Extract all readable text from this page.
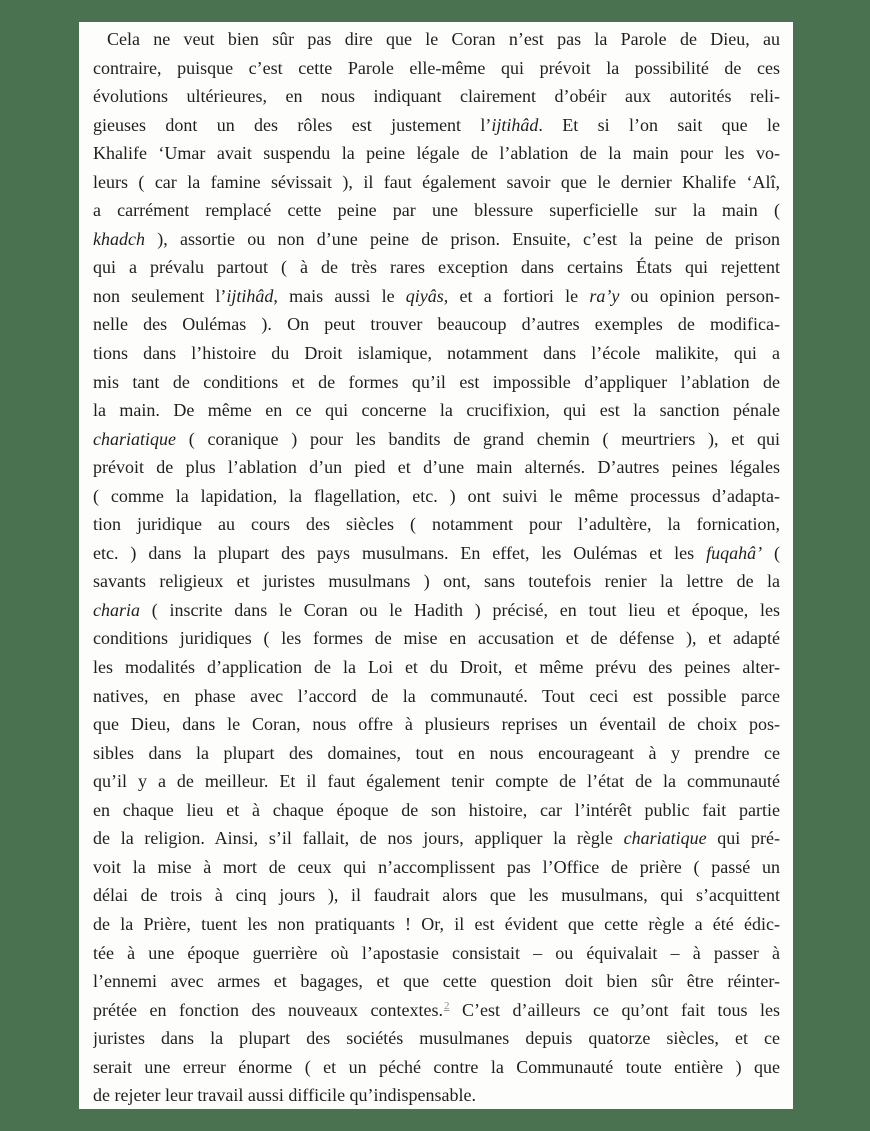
Cela ne veut bien sûr pas dire que le Coran n’est pas la Parole de Dieu, au
contraire, puisque c’est cette Parole elle-même qui prévoit la possibilité de ces
évolutions ultérieures, en nous indiquant clairement d’obéir aux autorités reli-
gieuses dont un des rôles est justement l’ijtihâd. Et si l’on sait que le
Khalife ‘Umar avait suspendu la peine légale de l’ablation de la main pour les vo-
leurs ( car la famine sévissait ), il faut également savoir que le dernier Khalife ‘Alî,
a carrément remplacé cette peine par une blessure superficielle sur la main (
khadch ), assortie ou non d’une peine de prison. Ensuite, c’est la peine de prison
qui a prévalu partout ( à de très rares exception dans certains États qui rejettent
non seulement l’ijtihâd, mais aussi le qiyâs, et a fortiori le ra’y ou opinion person-
nelle des Oulémas ). On peut trouver beaucoup d’autres exemples de modifica-
tions dans l’histoire du Droit islamique, notamment dans l’école malikite, qui a
mis tant de conditions et de formes qu’il est impossible d’appliquer l’ablation de
la main. De même en ce qui concerne la crucifixion, qui est la sanction pénale
chariatique ( coranique ) pour les bandits de grand chemin ( meurtriers ), et qui
prévoit de plus l’ablation d’un pied et d’une main alternés. D’autres peines légales
( comme la lapidation, la flagellation, etc. ) ont suivi le même processus d’adapta-
tion juridique au cours des siècles ( notamment pour l’adultère, la fornication,
etc. ) dans la plupart des pays musulmans. En effet, les Oulémas et les fuqahâ’ (
savants religieux et juristes musulmans ) ont, sans toutefois renier la lettre de la
charia ( inscrite dans le Coran ou le Hadith ) précisé, en tout lieu et époque, les
conditions juridiques ( les formes de mise en accusation et de défense ), et adapté
les modalités d’application de la Loi et du Droit, et même prévu des peines alter-
natives, en phase avec l’accord de la communauté. Tout ceci est possible parce
que Dieu, dans le Coran, nous offre à plusieurs reprises un éventail de choix pos-
sibles dans la plupart des domaines, tout en nous encourageant à y prendre ce
qu’il y a de meilleur. Et il faut également tenir compte de l’état de la communauté
en chaque lieu et à chaque époque de son histoire, car l’intérêt public fait partie
de la religion. Ainsi, s’il fallait, de nos jours, appliquer la règle chariatique qui pré-
voit la mise à mort de ceux qui n’accomplissent pas l’Office de prière ( passé un
délai de trois à cinq jours ), il faudrait alors que les musulmans, qui s’acquittent
de la Prière, tuent les non pratiquants ! Or, il est évident que cette règle a été édic-
tée à une époque guerrière où l’apostasie consistait – ou équivalait – à passer à
l’ennemi avec armes et bagages, et que cette question doit bien sûr être réinter-
prétée en fonction des nouveaux contextes.$^2$ C’est d’ailleurs ce qu’ont fait tous les
juristes dans la plupart des sociétés musulmanes depuis quatorze siècles, et ce
serait une erreur énorme ( et un péché contre la Communauté toute entière ) que
de rejeter leur travail aussi difficile qu’indispensable.
